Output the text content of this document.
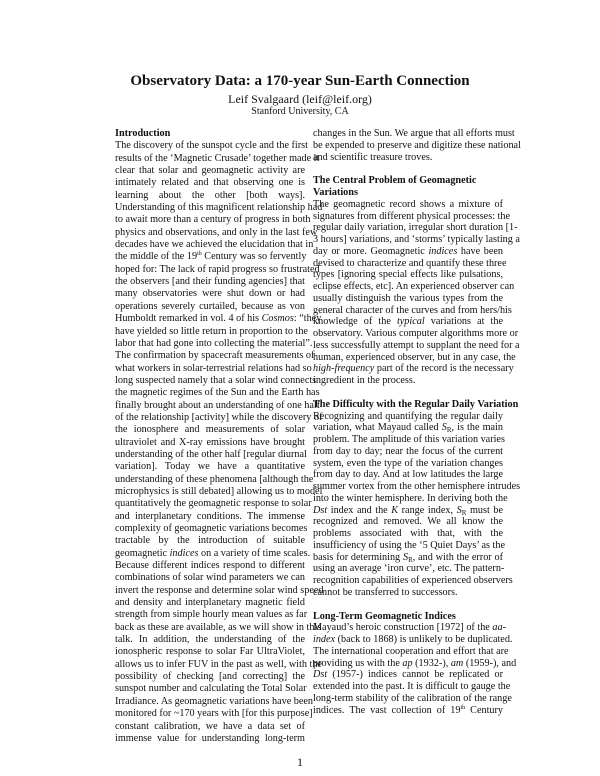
Observatory Data: a 170-year Sun-Earth Connection
Leif Svalgaard (leif@leif.org)
Stanford University, CA
Introduction
The discovery of the sunspot cycle and the first
results of the ‘Magnetic Crusade’ together made it
clear that solar and geomagnetic activity are
intimately related and that observing one is
learning about the other [both ways].
Understanding of this magnificent relationship had
to await more than a century of progress in both
physics and observations, and only in the last few
decades have we achieved the elucidation that in
the middle of the 19th Century was so fervently
hoped for: The lack of rapid progress so frustrated
the observers [and their funding agencies] that
many observatories were shut down or had
operations severely curtailed, because as von
Humboldt remarked in vol. 4 of his Cosmos: “they
have yielded so little return in proportion to the
labor that had gone into collecting the material”.
The confirmation by spacecraft measurements of
what workers in solar-terrestrial relations had so
long suspected namely that a solar wind connects
the magnetic regimes of the Sun and the Earth has
finally brought about an understanding of one half
of the relationship [activity] while the discovery of
the ionosphere and measurements of solar
ultraviolet and X-ray emissions have brought
understanding of the other half [regular diurnal
variation]. Today we have a quantitative
understanding of these phenomena [although the
microphysics is still debated] allowing us to model
quantitatively the geomagnetic response to solar
and interplanetary conditions. The immense
complexity of geomagnetic variations becomes
tractable by the introduction of suitable
geomagnetic indices on a variety of time scales.
Because different indices respond to different
combinations of solar wind parameters we can
invert the response and determine solar wind speed
and density and interplanetary magnetic field
strength from simple hourly mean values as far
back as these are available, as we will show in this
talk. In addition, the understanding of the
ionospheric response to solar Far UltraViolet,
allows us to infer FUV in the past as well, with the
possibility of checking [and correcting] the
sunspot number and calculating the Total Solar
Irradiance. As geomagnetic variations have been
monitored for ~170 years with [for this purpose]
constant calibration, we have a data set of
immense value for understanding long-term
changes in the Sun. We argue that all efforts must
be expended to preserve and digitize these national
and scientific treasure troves.
The Central Problem of Geomagnetic
Variations
The geomagnetic record shows a mixture of
signatures from different physical processes: the
regular daily variation, irregular short duration [1-
3 hours] variations, and ‘storms’ typically lasting a
day or more. Geomagnetic indices have been
devised to characterize and quantify these three
types [ignoring special effects like pulsations,
eclipse effects, etc]. An experienced observer can
usually distinguish the various types from the
general character of the curves and from hers/his
knowledge of the typical variations at the
observatory. Various computer algorithms more or
less successfully attempt to supplant the need for a
human, experienced observer, but in any case, the
high-frequency part of the record is the necessary
ingredient in the process.
The Difficulty with the Regular Daily Variation
Recognizing and quantifying the regular daily
variation, what Mayaud called $S_R$, is the main
problem. The amplitude of this variation varies
from day to day; near the focus of the current
system, even the type of the variation changes
from day to day. And at low latitudes the large
summer vortex from the other hemisphere intrudes
into the winter hemisphere. In deriving both the
Dst index and the K range index, $S_R$ must be
recognized and removed. We all know the
problems associated with that, with the
insufficiency of using the ‘5 Quiet Days’ as the
basis for determining $S_R$, and with the error of
using an average ‘iron curve’, etc. The pattern-
recognition capabilities of experienced observers
cannot be transferred to successors.
Long-Term Geomagnetic Indices
Mayaud’s heroic construction [1972] of the aa-
index (back to 1868) is unlikely to be duplicated.
The international cooperation and effort that are
providing us with the ap (1932-), am (1959-), and
Dst (1957-) indices cannot be replicated or
extended into the past. It is difficult to gauge the
long-term stability of the calibration of the range
indices. The vast collection of 19th Century
1
